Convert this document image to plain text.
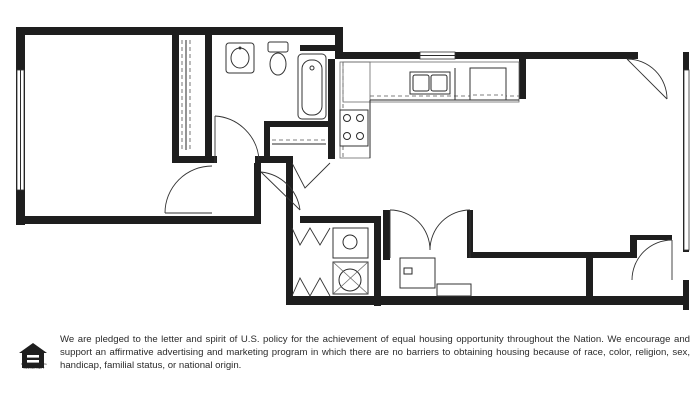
EQUAL HOUSING OPPORTUNITY
We are pledged to the letter and spirit of U.S. policy for the achievement of equal housing opportunity throughout the Nation. We encourage and support an affirmative advertising and marketing program in which there are no barriers to obtaining housing because of race, color, religion, sex, handicap, familial status, or national origin.
